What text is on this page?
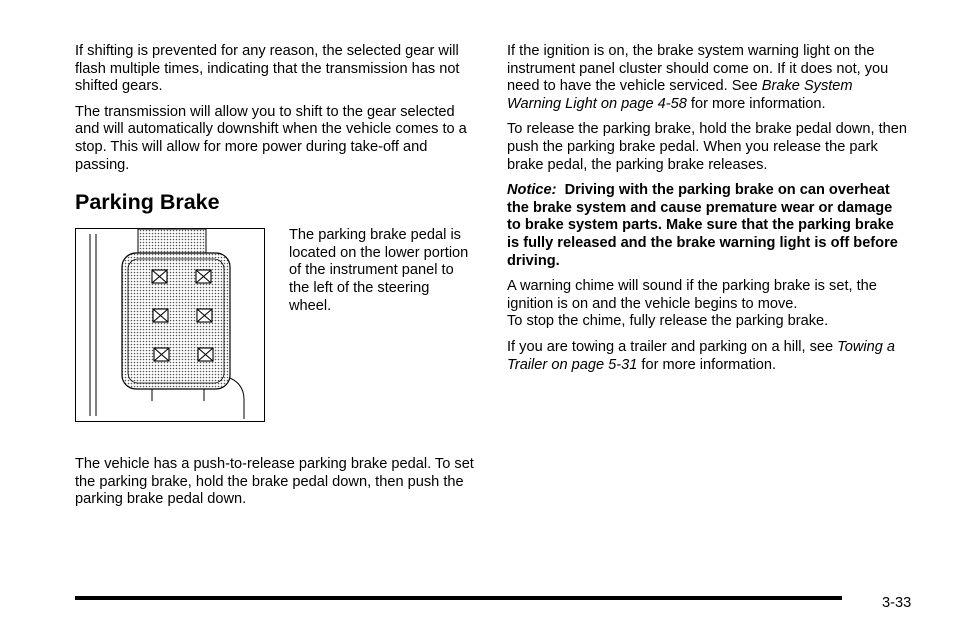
If shifting is prevented for any reason, the selected gear will flash multiple times, indicating that the transmission has not shifted gears.

The transmission will allow you to shift to the gear selected and will automatically downshift when the vehicle comes to a stop. This will allow for more power during take-off and passing.

Parking Brake

The parking brake pedal is located on the lower portion of the instrument panel to the left of the steering wheel.

The vehicle has a push-to-release parking brake pedal. To set the parking brake, hold the brake pedal down, then push the parking brake pedal down.

If the ignition is on, the brake system warning light on the instrument panel cluster should come on. If it does not, you need to have the vehicle serviced. See Brake System Warning Light on page 4-58 for more information.

To release the parking brake, hold the brake pedal down, then push the parking brake pedal. When you release the park brake pedal, the parking brake releases.

Notice: Driving with the parking brake on can overheat the brake system and cause premature wear or damage to brake system parts. Make sure that the parking brake is fully released and the brake warning light is off before driving.

A warning chime will sound if the parking brake is set, the ignition is on and the vehicle begins to move.
To stop the chime, fully release the parking brake.

If you are towing a trailer and parking on a hill, see Towing a Trailer on page 5-31 for more information.

3-33
